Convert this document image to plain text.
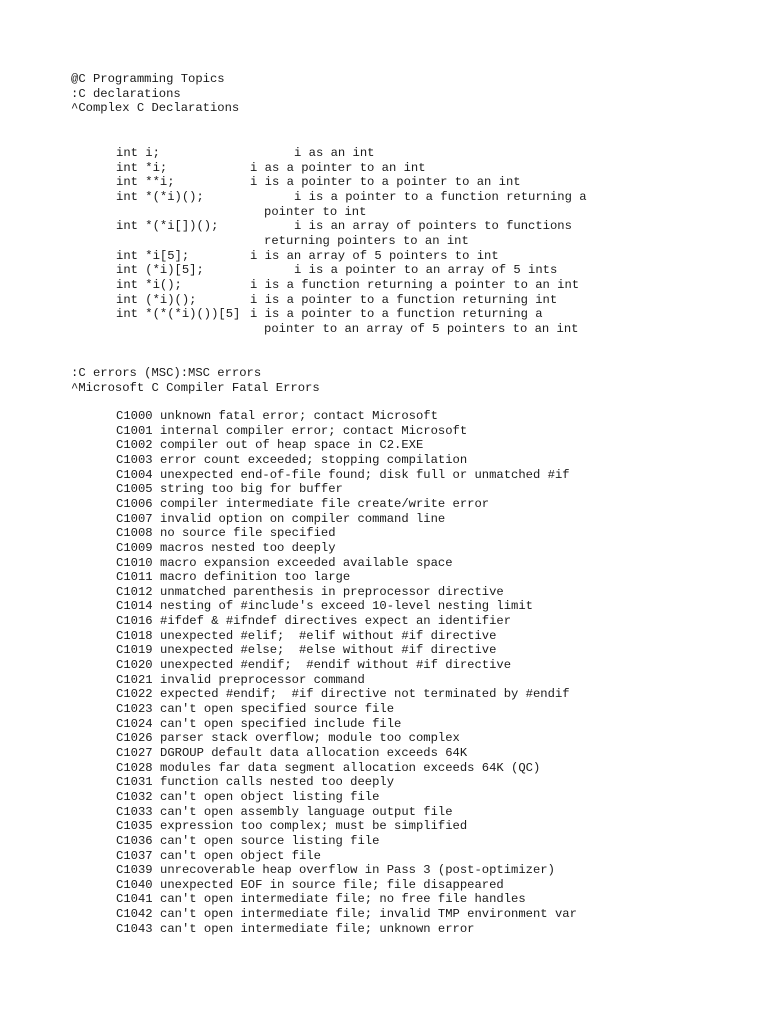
@C Programming Topics
:C declarations
^Complex C Declarations
int i;	i as an int
int *i;	i as a pointer to an int
int **i;	i is a pointer to a pointer to an int
int *(*i)();	i is a pointer to a function returning a
pointer to int
int *(*i[])();	i is an array of pointers to functions
returning pointers to an int
int *i[5];	i is an array of 5 pointers to int
int (*i)[5];	i is a pointer to an array of 5 ints
int *i();	i is a function returning a pointer to an int
int (*i)();	i is a pointer to a function returning int
int *(*(*i)())[5] i is a pointer to a function returning a
pointer to an array of 5 pointers to an int
:C errors (MSC):MSC errors
^Microsoft C Compiler Fatal Errors
C1000 unknown fatal error; contact Microsoft
C1001 internal compiler error; contact Microsoft
C1002 compiler out of heap space in C2.EXE
C1003 error count exceeded; stopping compilation
C1004 unexpected end-of-file found; disk full or unmatched #if
C1005 string too big for buffer
C1006 compiler intermediate file create/write error
C1007 invalid option on compiler command line
C1008 no source file specified
C1009 macros nested too deeply
C1010 macro expansion exceeded available space
C1011 macro definition too large
C1012 unmatched parenthesis in preprocessor directive
C1014 nesting of #include's exceed 10-level nesting limit
C1016 #ifdef & #ifndef directives expect an identifier
C1018 unexpected #elif;  #elif without #if directive
C1019 unexpected #else;  #else without #if directive
C1020 unexpected #endif;  #endif without #if directive
C1021 invalid preprocessor command
C1022 expected #endif;  #if directive not terminated by #endif
C1023 can't open specified source file
C1024 can't open specified include file
C1026 parser stack overflow; module too complex
C1027 DGROUP default data allocation exceeds 64K
C1028 modules far data segment allocation exceeds 64K (QC)
C1031 function calls nested too deeply
C1032 can't open object listing file
C1033 can't open assembly language output file
C1035 expression too complex; must be simplified
C1036 can't open source listing file
C1037 can't open object file
C1039 unrecoverable heap overflow in Pass 3 (post-optimizer)
C1040 unexpected EOF in source file; file disappeared
C1041 can't open intermediate file; no free file handles
C1042 can't open intermediate file; invalid TMP environment var
C1043 can't open intermediate file; unknown error
